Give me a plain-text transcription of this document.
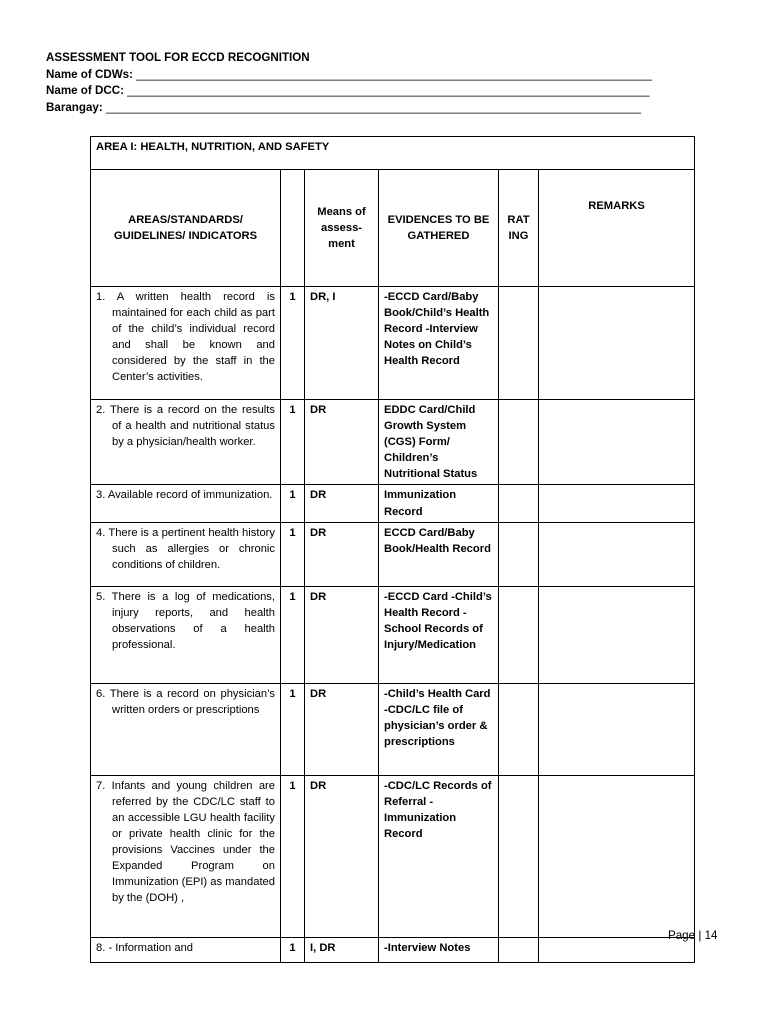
ASSESSMENT TOOL FOR ECCD RECOGNITION
Name of CDWs: ________________________________________________________________________________
Name of DCC: _________________________________________________________________________________
Barangay: ___________________________________________________________________________________
AREA I: HEALTH, NUTRITION, AND SAFETY					
AREAS/STANDARDS/ GUIDELINES/ INDICATORS		Means of assess-ment	EVIDENCES TO BE GATHERED	RAT ING	REMARKS

1. A written health record is maintained for each child as part of the child’s individual record and shall be known and considered by the staff in the Center’s activities.	1	DR, I	-ECCD Card/Baby Book/Child’s Health Record -Interview Notes on Child’s Health Record		

2. There is a record on the results of a health and nutritional status by a physician/health worker.	1	DR	EDDC Card/Child Growth System (CGS) Form/ Children’s Nutritional Status		

3. Available record of immunization.	1	DR	Immunization Record		

4. There is a pertinent health history such as allergies or chronic conditions of children.	1	DR	ECCD Card/Baby Book/Health Record		

5. There is a log of medications, injury reports, and health observations of a health professional.	1	DR	-ECCD Card -Child’s Health Record -School Records of Injury/Medication		

6. There is a record on physician’s written orders or prescriptions	1	DR	-Child’s Health Card -CDC/LC file of physician’s order & prescriptions		

7. Infants and young children are referred by the CDC/LC staff to an accessible LGU health facility or private health clinic for the provisions Vaccines under the Expanded Program on Immunization (EPI) as mandated by the (DOH) ,	1	DR	-CDC/LC Records of Referral -Immunization Record		

8. - Information and	1	I, DR	-Interview Notes		
Page | 14
